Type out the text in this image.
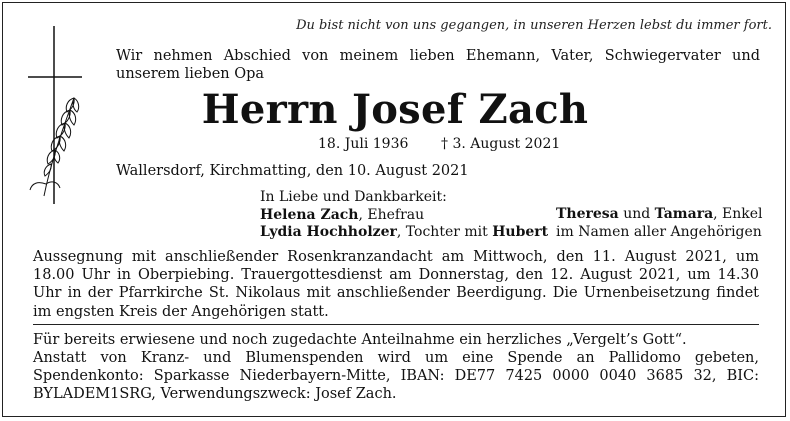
Du bist nicht von uns gegangen, in unseren Herzen lebst du immer fort.
Wir nehmen Abschied von meinem lieben Ehemann, Vater, Schwiegervater und unserem lieben Opa
Herrn Josef Zach
18. Juli 1936 † 3. August 2021
Wallersdorf, Kirchmatting, den 10. August 2021
In Liebe und Dankbarkeit:
Helena Zach, Ehefrau
Lydia Hochholzer, Tochter mit Hubert
Theresa und Tamara, Enkel
im Namen aller Angehörigen
Aussegnung mit anschließender Rosenkranzandacht am Mittwoch, den 11. August 2021, um 18.00 Uhr in Oberpiebing. Trauergottesdienst am Donnerstag, den 12. August 2021, um 14.30 Uhr in der Pfarrkirche St. Nikolaus mit anschließender Beerdigung. Die Urnenbeisetzung findet im engsten Kreis der Angehörigen statt.
Für bereits erwiesene und noch zugedachte Anteilnahme ein herzliches „Vergelt’s Gott“.
Anstatt von Kranz- und Blumenspenden wird um eine Spende an Pallidomo gebeten, Spendenkonto: Sparkasse Niederbayern-Mitte, IBAN: DE77 7425 0000 0040 3685 32, BIC: BYLADEM1SRG, Verwendungszweck: Josef Zach.
